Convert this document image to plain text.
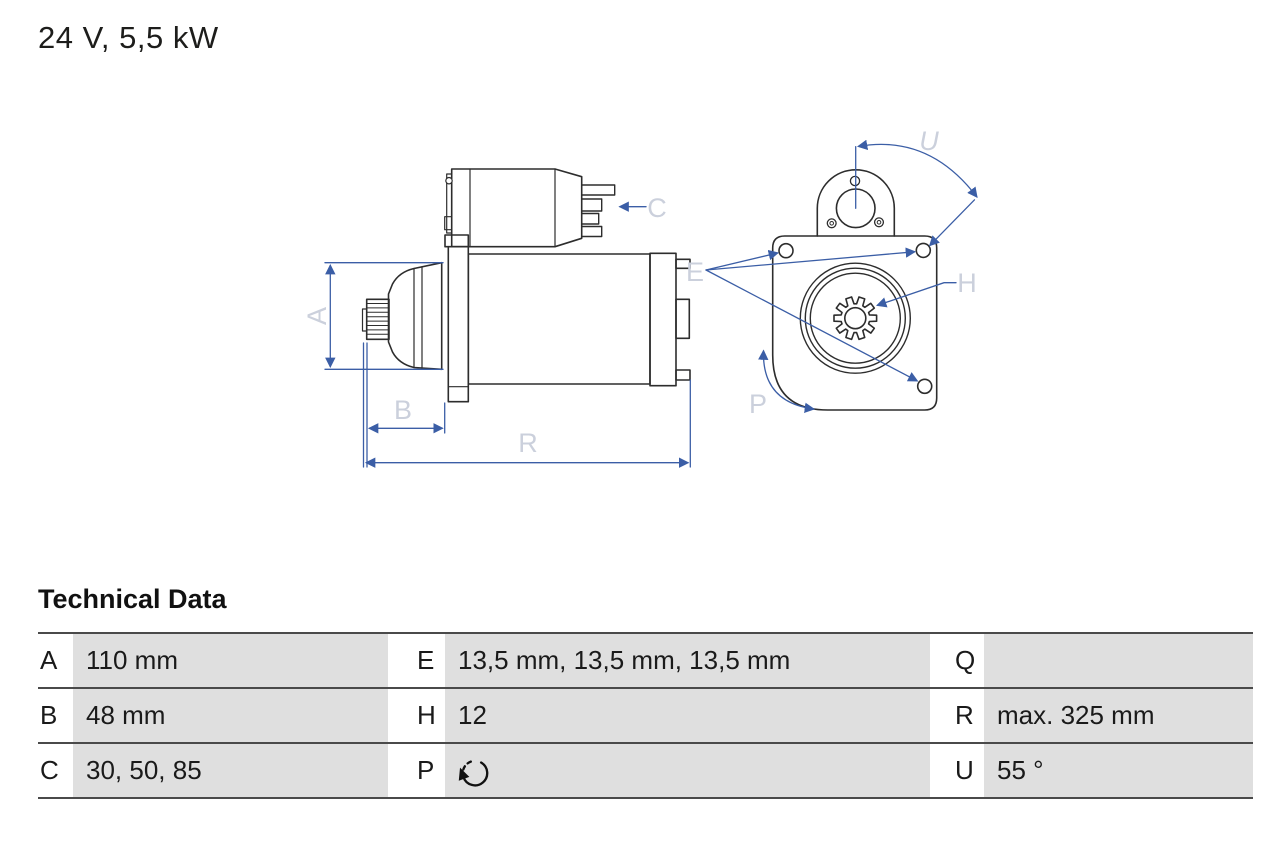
24 V, 5,5 kW
A
B
R
C
E	H
U
P
Technical Data
A	110 mm	E 13,5 mm, 13,5 mm, 13,5 mm	Q
B	48 mm	H 12	R max. 325 mm
C	30, 50, 85	P	U 55 °
